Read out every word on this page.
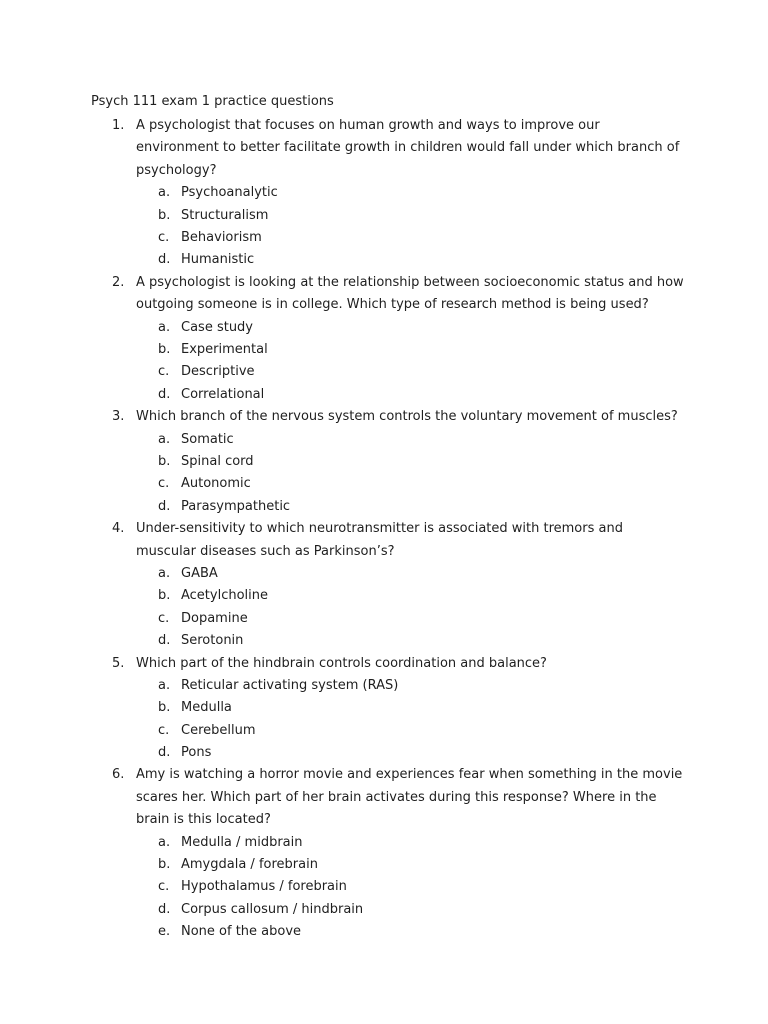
Psych 111 exam 1 practice questions
1. A psychologist that focuses on human growth and ways to improve our environment to better facilitate growth in children would fall under which branch of psychology?
a. Psychoanalytic
b. Structuralism
c. Behaviorism
d. Humanistic
2. A psychologist is looking at the relationship between socioeconomic status and how outgoing someone is in college. Which type of research method is being used?
a. Case study
b. Experimental
c. Descriptive
d. Correlational
3. Which branch of the nervous system controls the voluntary movement of muscles?
a. Somatic
b. Spinal cord
c. Autonomic
d. Parasympathetic
4. Under-sensitivity to which neurotransmitter is associated with tremors and muscular diseases such as Parkinson’s?
a. GABA
b. Acetylcholine
c. Dopamine
d. Serotonin
5. Which part of the hindbrain controls coordination and balance?
a. Reticular activating system (RAS)
b. Medulla
c. Cerebellum
d. Pons
6. Amy is watching a horror movie and experiences fear when something in the movie scares her. Which part of her brain activates during this response? Where in the brain is this located?
a. Medulla / midbrain
b. Amygdala / forebrain
c. Hypothalamus / forebrain
d. Corpus callosum / hindbrain
e. None of the above
